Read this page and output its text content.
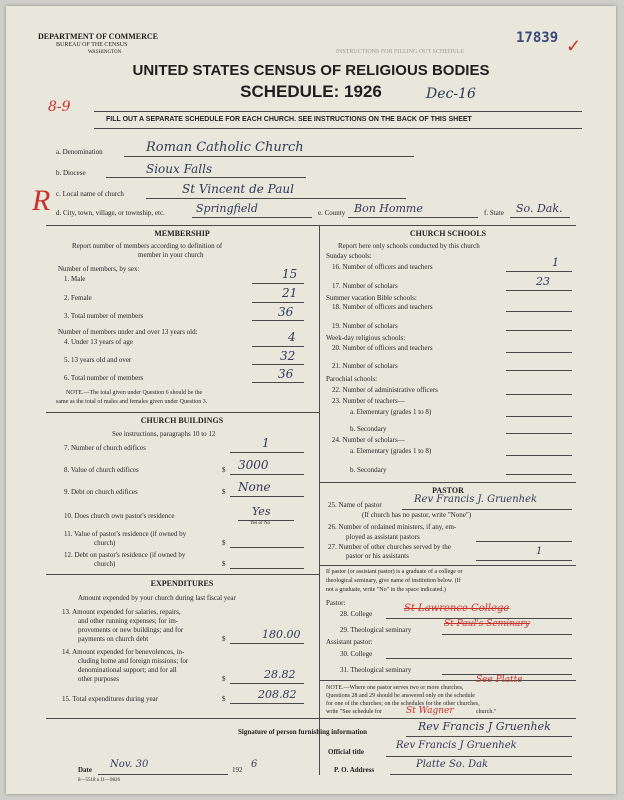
DEPARTMENT OF COMMERCE
BUREAU OF THE CENSUS
WASHINGTON	INSTRUCTIONS FOR FILLING OUT SCHEDULE
17839 ✓
UNITED STATES CENSUS OF RELIGIOUS BODIES
SCHEDULE: 1926	Dec-16
8-9
FILL OUT A SEPARATE SCHEDULE FOR EACH CHURCH. SEE INSTRUCTIONS ON THE BACK OF THIS SHEET
a. Denomination	Roman Catholic Church
b. Diocese	Sioux Falls
c. Local name of church	St Vincent de Paul
R d. City, town, village, or township, etc.	Springfield	e. County Bon Homme	f. State So. Dak.
MEMBERSHIP
Report number of members according to definition of
member in your church
Number of members, by sex:
1. Male	15
2. Female	21
3. Total number of members	36
Number of members under and over 13 years old:
4. Under 13 years of age	4
5. 13 years old and over	32
6. Total number of members	36
NOTE.—The total given under Question 6 should be the
same as the total of males and females given under Question 3.
CHURCH BUILDINGS
See instructions, paragraphs 10 to 12
7. Number of church edifices	1
8. Value of church edifices	$ 3000
9. Debt on church edifices	$ None
10. Does church own pastor's residence	Yes
Yes or No
11. Value of pastor's residence (if owned by
church)	$
12. Debt on pastor's residence (if owned by
church)	$
EXPENDITURES
Amount expended by your church during last fiscal year
13. Amount expended for salaries, repairs,
and other running expenses; for im-
provements or new buildings; and for
payments on church debt	$	180.00
14. Amount expended for benevolences, in-
cluding home and foreign missions; for
denominational support; and for all
other purposes	$	28.82
15. Total expenditures during year	$	208.82
CHURCH SCHOOLS
Report here only schools conducted by this church
Sunday schools:
16. Number of officers and teachers	1
17. Number of scholars	23
Summer vacation Bible schools:
18. Number of officers and teachers
19. Number of scholars
Week-day religious schools:
20. Number of officers and teachers
21. Number of scholars
Parochial schools:
22. Number of administrative officers
23. Number of teachers—
a. Elementary (grades 1 to 8)
b. Secondary
24. Number of scholars—
a. Elementary (grades 1 to 8)
b. Secondary
PASTOR
25. Name of pastor	Rev Francis J. Gruenhek
(If church has no pastor, write "None")
26. Number of ordained ministers, if any, em-
ployed as assistant pastors
27. Number of other churches served by the
pastor or his assistants	1
If pastor (or assistant pastor) is a graduate of a college or
theological seminary, give name of institution below. (If
not a graduate, write "No" in the space indicated.)
Pastor:
28. College	St Lawrence College
29. Theological seminary
St Paul's Seminary
Assistant pastor:
30. College
31. Theological seminary
See Platte
NOTE.—Where one pastor serves two or more churches,
Questions 28 and 29 should be answered only on the schedule
for one of the churches; on the schedules for the other churches,
write "See schedule for	St Wagner	church."
Signature of person furnishing information	Rev Francis J Gruenhek
Official title
Rev Francis J Gruenhek
Date Nov. 30	192 6	P. O. Address	Platte So. Dak
8—5518 a 11—9826
